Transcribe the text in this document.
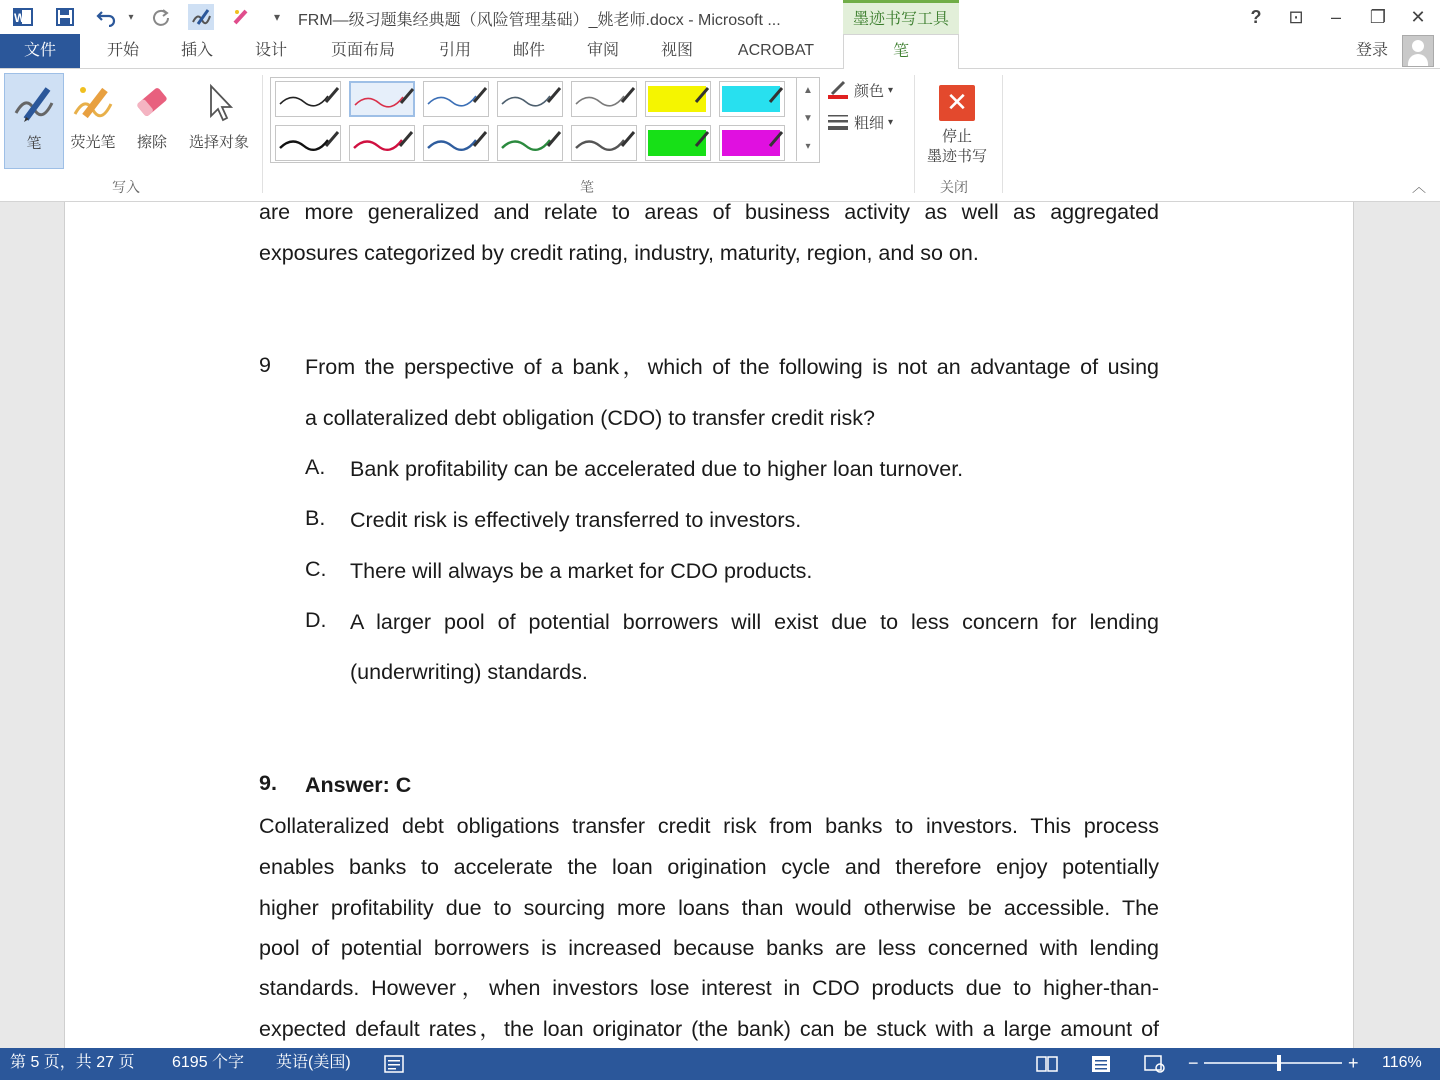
W	▾	▾	FRM—级习题集经典题（风险管理基础）_姚老师.docx - Microsoft ...	墨迹书写工具	?	⊡	–	❐	✕
文件	开始	插入	设计	页面布局	引用	邮件	审阅	视图	ACROBAT	笔	登录
笔	荧光笔	擦除	选择对象
写入
▲
▼
▾
颜色 ▾
粗细 ▾
笔
✕
停止
墨迹书写
关闭	︿
are more generalized and relate to areas of business activity as well as aggregated
exposures categorized by credit rating, industry, maturity, region, and so on.
9 From the perspective of a bank，which of the following is not an advantage of using
a collateralized debt obligation (CDO) to transfer credit risk?
A. Bank profitability can be accelerated due to higher loan turnover.
B. Credit risk is effectively transferred to investors.
C. There will always be a market for CDO products.
D. A larger pool of potential borrowers will exist due to less concern for lending
(underwriting) standards.
9. Answer: C
Collateralized debt obligations transfer credit risk from banks to investors. This process
enables banks to accelerate the loan origination cycle and therefore enjoy potentially
higher profitability due to sourcing more loans than would otherwise be accessible. The
pool of potential borrowers is increased because banks are less concerned with lending
standards. However，when investors lose interest in CDO products due to higher-than-
expected default rates，the loan originator (the bank) can be stuck with a large amount of
第 5 页，共 27 页 6195 个字 英语(美国)	−	+ 116%
